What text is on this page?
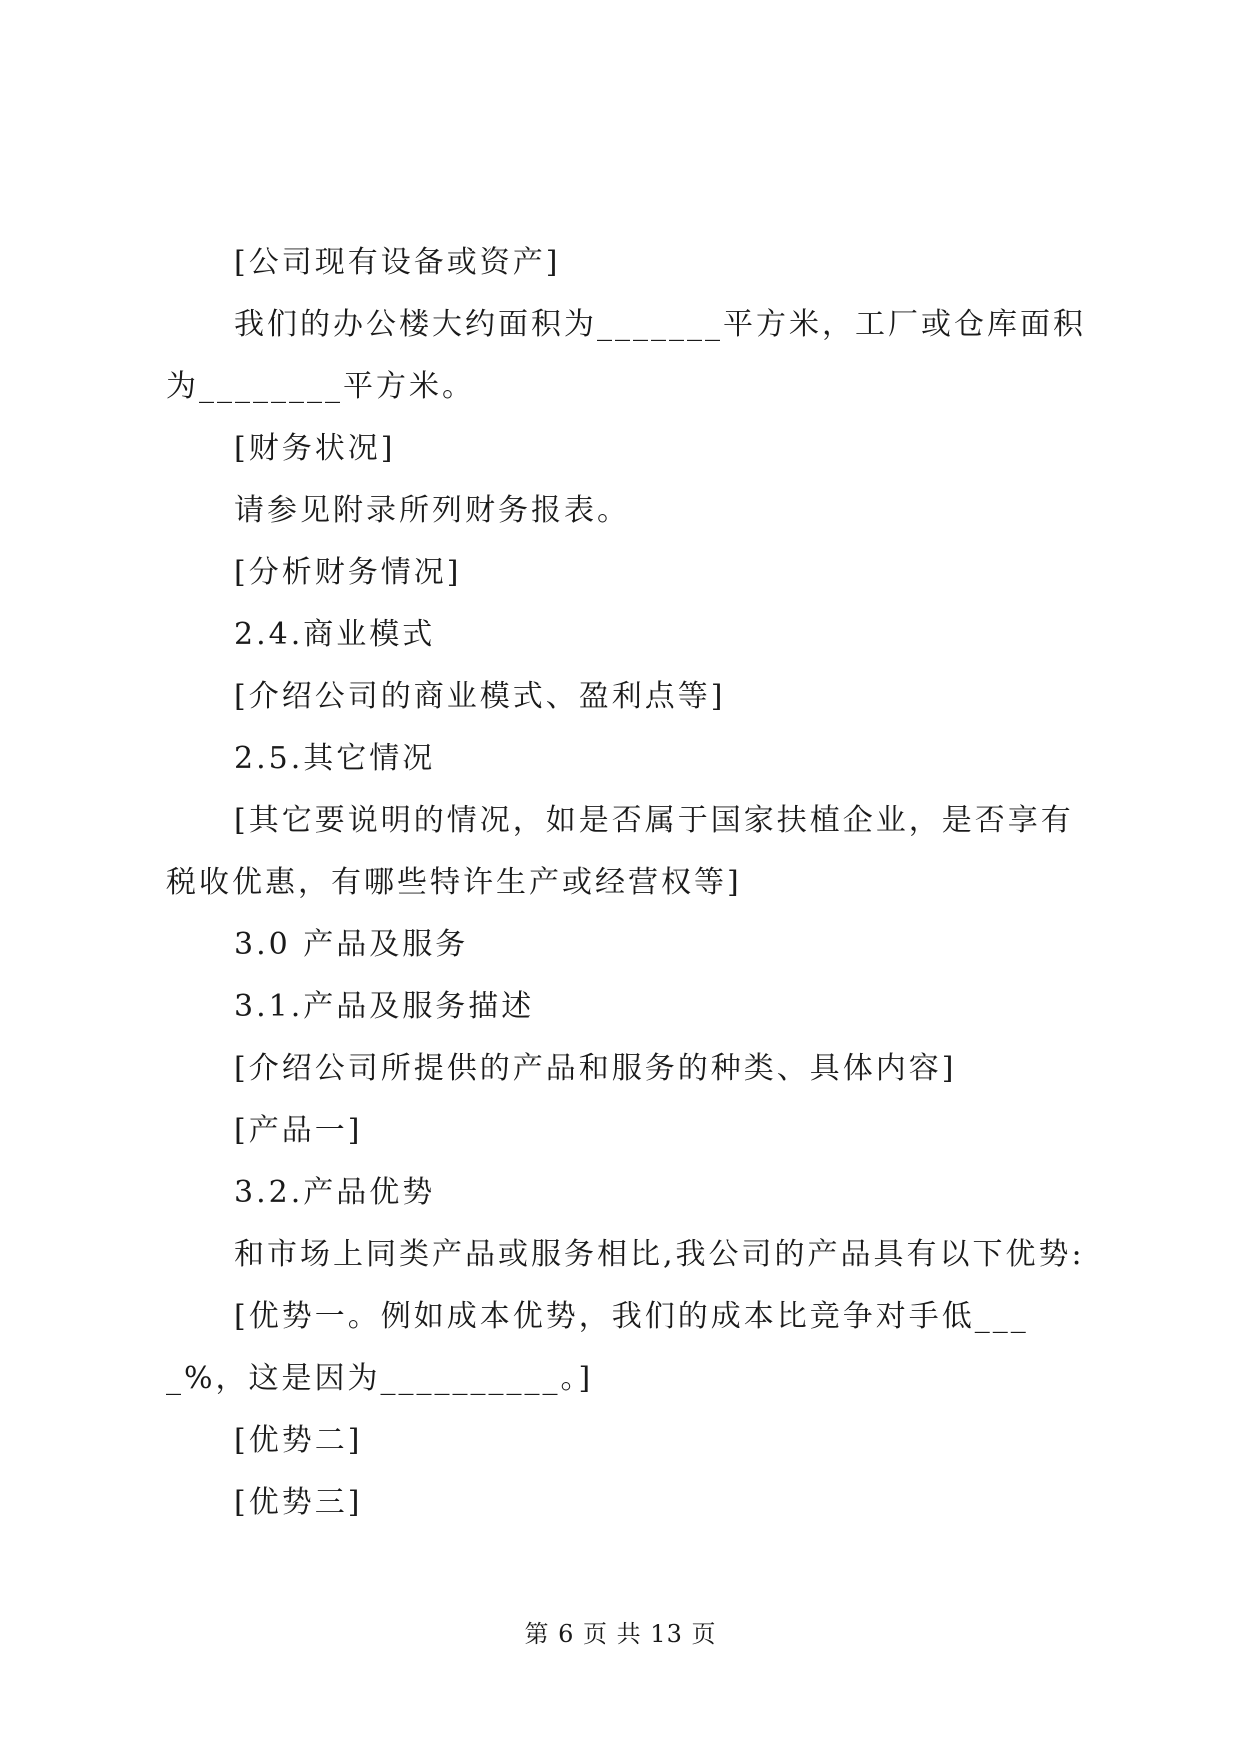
[公司现有设备或资产]

我们的办公楼大约面积为_______平方米，工厂或仓库面积为________平方米。

[财务状况]

请参见附录所列财务报表。

[分析财务情况]

2.4.商业模式

[介绍公司的商业模式、盈利点等]

2.5.其它情况

[其它要说明的情况，如是否属于国家扶植企业，是否享有税收优惠，有哪些特许生产或经营权等]

3.0 产品及服务

3.1.产品及服务描述

[介绍公司所提供的产品和服务的种类、具体内容]

[产品一]

3.2.产品优势

和市场上同类产品或服务相比,我公司的产品具有以下优势:

[优势一。例如成本优势，我们的成本比竞争对手低____%，这是因为__________。]

[优势二]

[优势三]

第 6 页 共 13 页
